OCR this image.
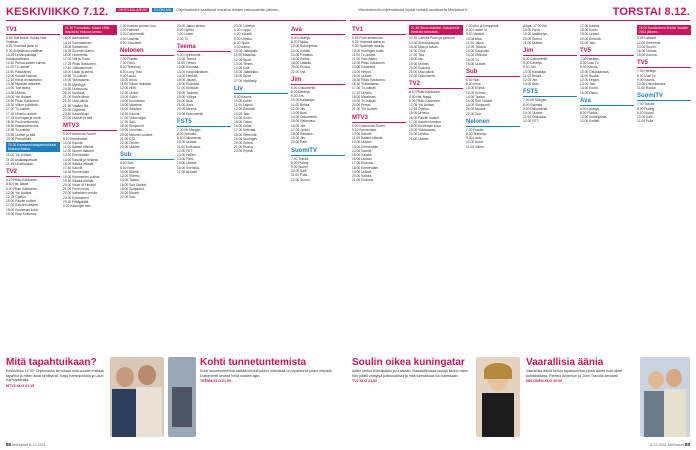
KESKIVIIKKO 7.12.	OHJELMA-ARVIO ELOKUVA Ohjelmatiedot saattavat muuttua lehden painovalmiin jälkeen.
TV1
5.55 Tosi tarina: Kukka Hew
Yorkista.
6.25 Yhdessä jamu tv.
9.30 Suljettavan osalliset.
10.20 Leivänpaistaja
Kesäkaloillessa.
10.40 Puhua kaiken varma.
11.00 Tv-uutiset.
11.05 Pääuutiset.
12.00 Kuinka kasvaa.
12.10 Keksi arvaamaton.
13.30 Nipakan askeleet.
14.00 Tosi tarina.
14.30 Uutiset.
15.00 Yle Uutiset.
15.30 Pikku Kakkonen.
16.30 Viikon pohdinta.
17.00 Tv-uutiset.
17.10 Urheilu-uutiset.
17.15 Kuningas ja minä.
18.30 Puoli seitsemän.
18.50 Ilmastonmuutos.
19.30 Tv-uutiset.
19.55 Uutiset ja sää.
20.00 Pressiklubi.
20.30 Kansanedustajaehdokkaat Mukana illassa.
21.00 Yle Uutiset.
21.20 Asiakaspalaute.
21.45 Urheiluruutu.
TV2
6.10 Pikku Kakkonen.
8.50 Hei, tässä.
9.00 Pikku Kakkonen.
12.05 Yle Uutiset.
12.15 Opetus.
16.00 Päivän uutiset.
17.00 Kahden kesken.
18.00 Kuoleman kuva.
19.00 Kino Kossmos.
21.30 Pomoriisto. Suomi 1996. Iltapäivän elokuva kertoo.
16.00 Aamukahvit.
14.10 Suomalainen.
15.05 Seitsemän.
15.35 Suomen Aamu.
16.00 Huomenta.
17.00 Villi ja Tuuni.
17.25 Pikku Kakkonen.
17.40 Jukkasuomen.
18.00 Laulu ja tarina.
18.50 Tv-uutiset.
19.00 Ykkösaamu.
19.30 Myrkkyjä.
19.50 Uutisvuosi.
20.10 Kulttuuri.
21.00 Kuule tämä.
21.20 Uusi päivä.
21.50 Vaalien ilta.
22.05 Ohjelmat.
22.30 Kasvokkain.
23.00 Uutiset ja sää.
MTV3
6.00 Huomenta Suomi.
9.10 Emmerdale.
10.00 Kauniit.
11.00 Salatut elämät.
12.00 Nuoret lääkärit.
13.30 Emmerdale.
14.00 Kauniit ja rohkeat.
16.00 Salatut elämät.
17.30 Kauniit.
18.30 Emmerdale.
19.00 Kymmenen uutiset.
19.30 Salatut elämät.
20.00 Voice of Finland.
21.00 Pelon hinta.
22.00 Valheiden verkko.
23.00 Kymmenen.
23.30 Pitkäpäällä.
0.20 Kauhujen talo.
1.00 Korean sininen kuu.
2.00 Helsinki.
3.00 Dokumentti.
4.00 Uusinta.
5.00 Yöuutiset.
Nelonen
7.00 Frasier.
7.30 Pauli.
8.00 Teleshop.
8.30 Luxy Trav.
9.00 Laulu.
10.00 Anna.
11.00 Viikon rankaisu.
12.00 Hiitti.
12.30 Uudet.
13.00 Sohvi.
14.00 Kuninkaan.
15.00 Maailma.
16.00 Salaiset.
16.30 Kaunis.
17.00 Viikonloppu.
17.30 Sali.
18.00 Simpsonit.
19.00 Vuorinen.
20.00 Nelonen uutiset.
21.00 CSI.
22.00 Dexter.
23.00 Uutiset.
Sub
6.00 Sub.
8.00 Ihme.
10.00 Elämä.
12.00 Kimmo.
14.00 Tsatsa.
16.00 Sub Uutiset.
18.00 Simpsonit.
20.00 Muumi.
22.00 Sub.
23.00 Jakso pintaa.
0.00 Nyrkki.
1.00 Uudet.
2.00 Tv.
Teema
9.00 Opintotunti.
10.00 Teema.
11.00 Yleiset.
12.00 Kotimaa.
13.00 Kaupunkilaiset.
14.00 Henkilö.
15.00 Japani.
16.00 Elokuvat.
17.00 Kulttuuri.
18.00 Taidetta.
19.00 Yölinja.
20.00 Asia.
21.00 Ikoni.
22.00 Meerut.
23.00 Dokumentti.
FST5
7.00 Mr Morgan.
8.00 Svenskt.
9.00 Dokumentti.
10.00 Uutiset.
11.00 Kotiruoka.
12.00 FST.
13.00 Hallen.
14.00 Filmi.
15.00 Uutiset.
16.00 Svenska.
17.00 Aktuellt.
23.00 Lähetys.
0.00 Loppu.
1.00 Yöraitti.
6.00 Urheilu.
8.00 Sport.
9.00 Aamu.
10.00 Jalkapallo.
11.00 Maailma.
12.00 Sport.
13.00 Tennis.
14.00 Golf.
15.00 Jääkiekko.
16.00 Sport.
17.00 Nyrkkeily.
Liv
9.00 Kaunis.
10.00 Kotiin.
11.00 Leipuri.
12.00 Emäntä.
13.00 Talo.
14.00 Kodin.
15.00 Ostos.
16.00 Kokki.
17.00 Kotimaa.
18.00 Remontti.
19.00 Kuningas.
20.00 Sohva.
21.00 Ruoka.
22.00 Kylmä.
Ava
6.00 Lähetys.
8.00 Ruoka.
10.00 Kotiohjelma.
12.00 Kotiäiti.
14.00 Pelastus.
16.00 Kolme.
18.00 Lääkäri.
20.00 Ruoka.
22.00 Nyt.
Jim
6.00 Dokumentti.
8.00 Lähetys.
9.00 Jim.
10.00 Kalastaja.
11.00 Rekka.
12.00 Jim.
13.00 Auto.
14.00 Dokumentti.
15.00 Rakennus.
16.00 Jim.
17.00 Jenkki.
18.00 Kalastus.
19.00 Jim.
20.00 Ralli.
SuomiTV
7.00 Tractor.
8.00 Pulling.
9.00 Suomi.
10.00 Salil.
11.00 Pulla.
12.00 Suomi.
Mitä tapahtuikaan?
Keskiviikko 12.00. Ohjelmassa kerrotaan mitä vuoden mittaan tapahtui ja miten asiat kehittyivät. Katja Kemmivirtalla ja Lauri Karhuvaaralla.
MTV3 KLO 21.15
Kohti tunnetuntemista
Kohti tunnetuntemista esittää ihmisiä joiden elämässä on tapahtunut jotain erityistä. Dokumentti seuraa heitä vuoden ajan.
TEEMA KLO 21.00
88 MeNaiset 8.12.2011
Viimeisimmät ohjelmatiedot löydät netistä osoitteesta MeNaiset.fi.	TORSTAI 8.12.
TV1
5.55 Puoli seitsemän.
6.25 Yhdessä aamu tv.
9.30 Sydämen asialla.
10.00 Kuningas Kulta.
11.00 Tv-uutiset.
11.05 Ylen Aamu.
12.00 Pikku Kakkonen.
13.00 Kantelerit.
14.00 Helpot.
15.00 Uutiset.
15.30 Pikku Kakkonen.
16.30 Ykkösaamu.
17.00 Tv-uutiset.
17.10 Urheilu.
18.00 Maailman.
19.30 Tv-uutiset.
20.00 Pressi.
21.00 Yle Uutiset.
MTV3
6.00 Huomenta Suomi.
9.10 Emmerdale.
10.00 Kauniit.
11.00 Salatut elämät.
12.00 Uutiset.
13.00 Emmerdale.
14.00 Kauniit.
15.00 Salatut.
16.00 Uutiset.
17.00 Elokuva.
18.00 Emmerdale.
19.00 Uutiset.
20.00 Salatut.
21.00 Elokuva.
21.45 Sinun elämäsi. Dokumentti ihmisten tarinoista.
12.10 Camilla Pluen ja perinnet.
14.30 Siivouskaupat.
15.30 Maa ja taivas.
16.30 Ohut.
17.00 Talo.
18.00 Ilta.
19.00 Uutiset.
20.00 Elokuva.
21.00 Uusi päivä.
22.00 Dokumentti.
TV2
6.10 Pikku Kakkonen.
8.50 Hei, tässä.
9.00 Pikku Kakkonen.
12.05 Yle Uutiset.
12.15 Opetus.
15.00 Urheilu.
16.00 Päivän uutiset.
17.00 Kahden kesken.
18.00 Kuoleman kuva.
19.00 Ykkösaamu.
20.00 Urheilu.
21.00 Uutiset.
7.00 Aku ja kumppanit.
8.00 Lasten tv.
9.00 Valtava.
10.00 Maa.
11.00 Jakso.
12.00 Toistoa.
13.00 Kaupunki.
14.00 Elokuva.
15.00 Tv.
16.00 Uutiset.
Sub
6.00 Sub.
8.00 Ihme.
10.00 Elämä.
12.00 Kimmo.
14.00 Tsatsa.
16.00 Sub Uutiset.
18.00 Simpsonit.
20.00 Muumi.
22.00 Sub.
Nelonen
7.00 Frasier.
8.00 Teleshop.
9.00 Laulu.
10.00 Anna.
11.00 Viikon.
Aitoja. 17.00 Kiri.
18.00 Hyvä.
19.00 Iltalähetys.
20.00 Suomi.
21.00 Uutiset.
Jim
6.00 Dokumentti.
8.00 Lähetys.
9.00 Jim.
10.00 Kalastaja.
11.00 Rekka.
12.00 Jim.
13.00 Auto.
FST5
7.00 Mr Morgan.
8.00 Svenskt.
9.00 Dokumentti.
10.00 Uutiset.
11.00 Kotiruoka.
12.00 FST.
17.00 Kaunis.
18.00 Kotiin.
19.00 Leipuri.
20.00 Emäntä.
21.00 Talo.
TV5
7.00 Herätys.
8.00 Uusi Tv.
9.00 Kaunis.
10.00 Ostoskanava.
11.00 Ruoka.
12.00 Leipuri.
13.00 Talo.
14.00 Kodin.
15.00 Ostos.
Ava
6.00 Lähetys.
8.00 Ruoka.
10.00 Kotiohjelma.
12.00 Kotiäiti.
18.00 Kaukkokenn Kaikki Vuoden 2011 jälkeen.
5.45 Lakkarit.
12.00 Kertomus.
14.00 Suomi.
16.00 Uutiset.
18.00 Kotona.
TV5
7.00 Herätys.
8.00 Uusi Tv.
9.00 Kaunis.
10.00 Ostoskanava.
11.00 Ruoka.
SuomiTV
7.00 Tractor.
8.00 Pulling.
9.00 Suomi.
10.00 Salil.
11.00 Pulla.
Soulin oikea kuningatar
Adele kertoo elämästään ja urastaan. Haastattelussa laulaja kertoo miksi hän päätti vetäytyä julkisuudesta ja mitä tulevaisuus tuo tullessaan.
TV2 KLO 21.00
Vaarallisia äänia
Vaarallisia ääniä kertoo tapahtumista joissa äänet ovat olleet kohtalokkaita. Pamela Anderson ja John Travolta kertovat.
NELONEN KLO 20.00
8.12.2011 MeNaiset 89
